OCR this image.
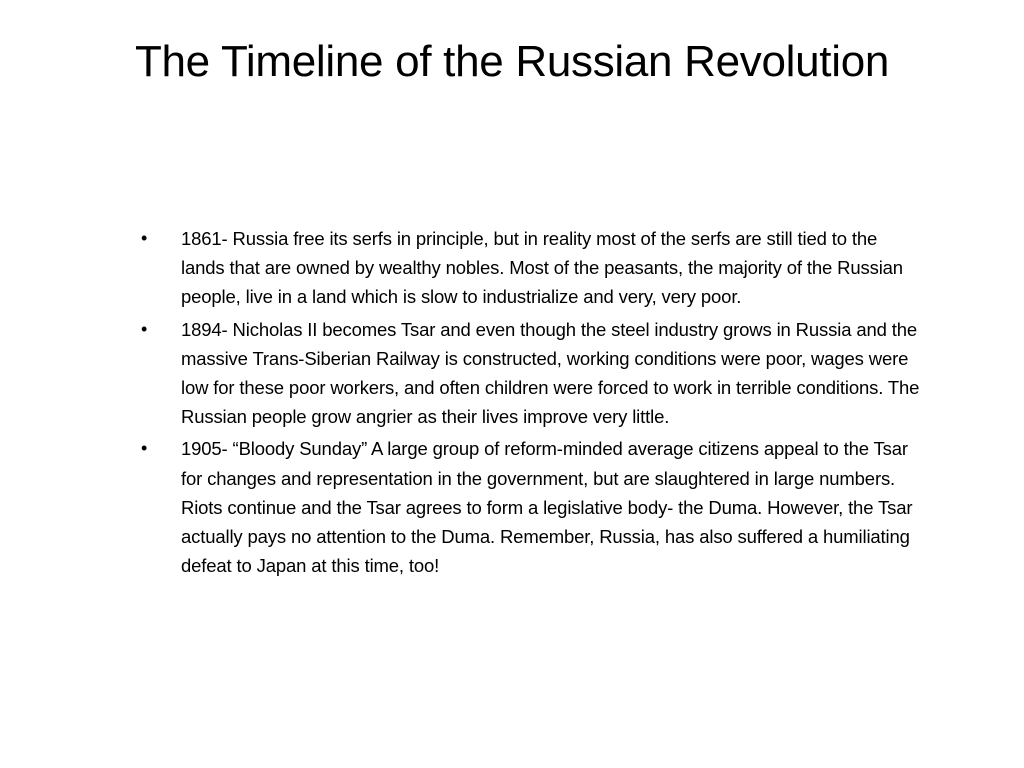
The Timeline of the Russian Revolution
• 1861- Russia free its serfs in principle, but in reality most of the serfs are still tied to the lands that are owned by wealthy nobles. Most of the peasants, the majority of the Russian people, live in a land which is slow to industrialize and very, very poor.
• 1894- Nicholas II becomes Tsar and even though the steel industry grows in Russia and the massive Trans-Siberian Railway is constructed, working conditions were poor, wages were low for these poor workers, and often children were forced to work in terrible conditions. The Russian people grow angrier as their lives improve very little.
• 1905- “Bloody Sunday” A large group of reform-minded average citizens appeal to the Tsar for changes and representation in the government, but are slaughtered in large numbers. Riots continue and the Tsar agrees to form a legislative body- the Duma. However, the Tsar actually pays no attention to the Duma. Remember, Russia, has also suffered a humiliating defeat to Japan at this time, too!
